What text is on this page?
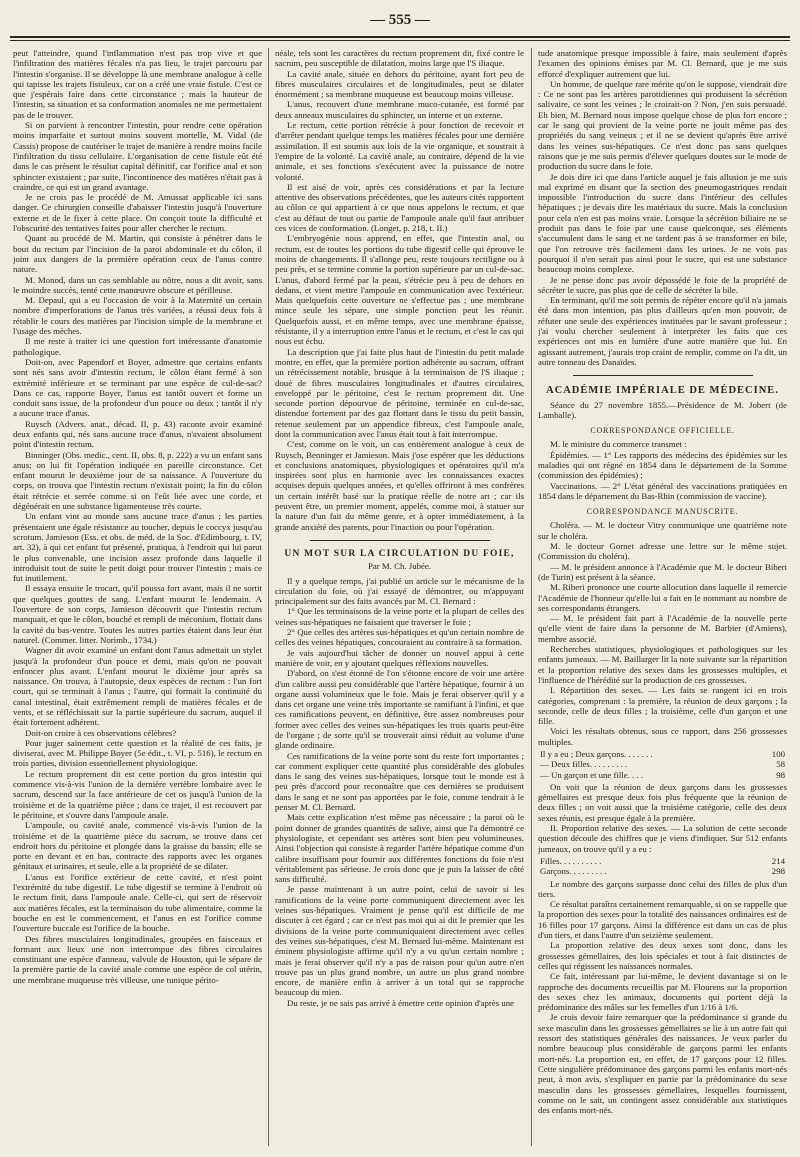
— 555 —

peut l'atteindre, quand l'inflammation n'est pas trop vive et que l'infiltration des matières fécales n'a pas lieu, le trajet parcouru par l'intestin s'organise. Il se développe là une membrane analogue à celle qui tapisse les trajets fistuleux, car on a créé une vraie fistule. C'est ce que j'espérais faire dans cette circonstance ; mais la hauteur de l'intestin, sa situation et sa conformation anomales ne me permettaient pas de le trouver.

Si on parvient à rencontrer l'intestin, pour rendre cette opération moins imparfaite et surtout moins souvent mortelle, M. Vidal (de Cassis) propose de cautériser le trajet de manière à rendre moins facile l'infiltration du tissu cellulaire. L'organisation de cette fistule eût été dans le cas présent le résultat capital définitif, car l'orifice anal et son sphincter existaient ; par suite, l'incontinence des matières n'était pas à craindre, ce qui est un grand avantage.

Je ne crois pas le procédé de M. Amussat applicable ici sans danger. Ce chirurgien conseille d'abaisser l'intestin jusqu'à l'ouverture externe et de le fixer à cette place. On conçoit toute la difficulté et l'obscurité des tentatives faites pour aller chercher le rectum.

Quant au procédé de M. Martin, qui consiste à pénétrer dans le bout du rectum par l'incision de la paroi abdominale et du côlon, il joint aux dangers de la première opération ceux de l'anus contre nature.

M. Monod, dans un cas semblable au nôtre, nous a dit avoir, sans le moindre succès, tenté cette manœuvre obscure et périlleuse.

M. Depaul, qui a eu l'occasion de voir à la Maternité un certain nombre d'imperforations de l'anus très variées, a réussi deux fois à rétablir le cours des matières par l'incision simple de la membrane et l'usage des mèches.

Il me reste à traiter ici une question fort intéressante d'anatomie pathologique.

Doit-on, avec Papendorf et Boyer, admettre que certains enfants sont nés sans avoir d'intestin rectum, le côlon étant fermé à son extrémité inférieure et se terminant par une espèce de cul-de-sac? Dans ce cas, rapporte Boyer, l'anus est tantôt ouvert et forme un conduit sans issue, de la profondeur d'un pouce ou deux ; tantôt il n'y a aucune trace d'anus.

Ruysch (Advers. anat., décad. II, p. 43) raconte avoir examiné deux enfants qui, nés sans aucune trace d'anus, n'avaient absolument point d'intestin rectum.

Binninger (Obs. medic., cent. II, obs. 8, p. 222) a vu un enfant sans anus; on lui fit l'opération indiquée en pareille circonstance. Cet enfant mourut le deuxième jour de sa naissance. A l'ouverture du corps, on trouva que l'intestin rectum n'existait point; la fin du côlon était rétrécie et serrée comme si on l'eût liée avec une corde, et dégénérait en une substance ligamenteuse très courte.

Un enfant vint au monde sans aucune trace d'anus ; les parties présentaient une égale résistance au toucher, depuis le coccyx jusqu'au scrotum. Jamieson (Ess. et obs. de méd. de la Soc. d'Edimbourg, t. IV, art. 32), à qui cet enfant fut présenté, pratiqua, à l'endroit qui lui parut le plus convenable, une incision assez profonde dans laquelle il introduisit tout de suite le petit doigt pour trouver l'intestin ; mais ce fut inutilement.

Il essaya ensuite le trocart, qu'il poussa fort avant, mais il ne sortit que quelques gouttes de sang. L'enfant mourut le lendemain. A l'ouverture de son corps, Jamieson découvrit que l'intestin rectum manquait, et que le côlon, bouché et rempli de méconium, flottait dans la cavité du bas-ventre. Toutes les autres parties étaient dans leur état naturel. (Commer. litter. Norimb., 1734.)

Wagner dit avoir examiné un enfant dont l'anus admettait un stylet jusqu'à la profondeur d'un pouce et demi, mais qu'on ne pouvait enfoncer plus avant. L'enfant mourut le dixième jour après sa naissance. On trouva, à l'autopsie, deux espèces de rectum : l'un fort court, qui se terminait à l'anus ; l'autre, qui formait la continuité du canal intestinal, était extrêmement rempli de matières fécales et de vents, et se réfléchissait sur la partie supérieure du sacrum, auquel il était fortement adhérent.

Doit-on croire à ces observations célèbres?

Pour juger sainement cette question et la réalité de ces faits, je diviserai, avec M. Philippe Boyer (5e édit., t. VI, p. 516), le rectum en trois parties, division essentiellement physiologique.

Le rectum proprement dit est cette portion du gros intestin qui commence vis-à-vis l'union de la dernière vertèbre lombaire avec le sacrum, descend sur la face antérieure de cet os jusqu'à l'union de la troisième et de la quatrième pièce ; dans ce trajet, il est recouvert par le péritoine, et s'ouvre dans l'ampoule anale.

L'ampoule, ou cavité anale, commencé vis-à-vis l'union de la troisième et de la quatrième pièce du sacrum, se trouve dans cet endroit hors du péritoine et plongée dans la graisse du bassin; elle se porte en devant et en bas, contracte des rapports avec les organes génitaux et urinaires, et seule, elle a la propriété de se dilater.

L'anus est l'orifice extérieur de cette cavité, et n'est point l'extrémité du tube digestif. Le tube digestif se termine à l'endroit où le rectum finit, dans l'ampoule anale. Celle-ci, qui sert de réservoir aux matières fécales, est la terminaison du tube alimentaire, comme la bouche en est le commencement, et l'anus en est l'orifice comme l'ouverture buccale est l'orifice de la bouche.

Des fibres musculaires longitudinales, groupées en faisceaux et formant aux lieux une non interrompue des fibres circulaires constituant une espèce d'anneau, valvule de Houston, qui le sépare de la première partie de la cavité anale comme une espèce de col utérin, une membrane muqueuse très villeuse, une tunique périto-

néale, tels sont les caractères du rectum proprement dit, fixé contre le sacrum, peu susceptible de dilatation, moins large que l'S iliaque.

La cavité anale, située en dehors du péritoine, ayant fort peu de fibres musculaires circulaires et de longitudinales, peut se dilater énormément ; sa membrane muqueuse est beaucoup moins villeuse.

L'anus, recouvert d'une membrane muco-cutanée, est formé par deux anneaux musculaires du sphincter, un interne et un externe.

Le rectum, cette portion rétrécie à pour fonction de recevoir et d'arrêter pendant quelque temps les matières fécales pour une dernière assimilation. Il est soumis aux lois de la vie organique, et soustrait à l'empire de la volonté. La cavité anale, au contraire, dépend de la vie animale, et ses fonctions s'exécutent avec la puissance de notre volonté.

Il est aisé de voir, après ces considérations et par la lecture attentive des observations précédentes, que les auteurs cités rapportent au côlon ce qui appartient à ce que nous appelons le rectum, et que c'est au défaut de tout ou partie de l'ampoule anale qu'il faut attribuer ces vices de conformation. (Longet, p. 218, t. II.)

L'embryogénie nous apprend, en effet, que l'intestin anal, ou rectum, est de toutes les portions du tube digestif celle qui éprouve le moins de changements. Il s'allonge peu, reste toujours rectiligne ou à peu près, et se termine comme la portion supérieure par un cul-de-sac. L'anus, d'abord fermé par la peau, s'étrécie peu à peu de dehors en dedans, et vient mettre l'ampoule en communication avec l'extérieur. Mais quelquefois cette ouverture ne s'effectue pas ; une membrane mince seule les sépare, une simple ponction peut les réunir. Quelquefois aussi, et en même temps, avec une membrane épaisse, résistante, il y a interruption entre l'anus et le rectum, et c'est le cas qui nous est échu.

La description que j'ai faite plus haut de l'intestin du petit malade montre, en effet, que la première portion adhérente au sacrum, offrant un rétrécissement notable, brusque à la terminaison de l'S iliaque ; doué de fibres musculaires longitudinales et d'autres circulaires, enveloppé par le péritoine, c'est le rectum proprement dit. Une seconde portion dépourvue de péritoine, terminée en cul-de-sac, distendue fortement par des gaz flottant dans le tissu du petit bassin, retenue seulement par un appendice fibreux, c'est l'ampoule anale, dont la communication avec l'anus était tout à fait interrompue.

C'est, comme on le voit, un cas entièrement analogue à ceux de Ruysch, Benninger et Jamieson. Mais j'ose espérer que les déductions et conclusions anatomiques, physiologiques et opératoires qu'il m'a inspirées sont plus en harmonie avec les connaissances exactes acquises depuis quelques années, et qu'elles offriront à mes confrères un certain intérêt basé sur la pratique réelle de notre art ; car ils peuvent être, un premier moment, appelés, comme moi, à statuer sur la nature d'un fait du même genre, et à opter immédiatement, à la grande anxiété des parents, pour l'inaction ou pour l'opération.

UN MOT SUR LA CIRCULATION DU FOIE,
Par M. Ch. Jubée.

Il y a quelque temps, j'ai publié un article sur le mécanisme de la circulation du foie, où j'ai essayé de démontrer, ou m'appuyant principalement sur des faits avancés par M. Cl. Bernard :

1° Que les terminaisons de la veine porte et la plupart de celles des veines sus-hépatiques ne faisaient que traverser le foie ;

2° Que celles des artères sus-hépatiques et qu'un certain nombre de celles des veines hépatiques, concouraient au contraire à sa formation.

Je vais aujourd'hui tâcher de donner un nouvel appui à cette manière de voir, en y ajoutant quelques réflexions nouvelles.

D'abord, on s'est étonné de l'on s'étonne encore de voir une artère d'un calibre aussi peu considérable que l'artère hépatique, fournir à un organe aussi volumineux que le foie. Mais je ferai observer qu'il y a dans cet organe une veine très importante se ramifiant à l'infini, et que ces ramifications peuvent, en définitive, être assez nombreuses pour former avec celles des veines sus-hépatiques les trois quarts peut-être de l'organe ; de sorte qu'il se trouverait ainsi réduit au volume d'une glande ordinaire.

Ces ramifications de la veine porte sont du reste fort importantes ; car comment expliquer cette quantité plus considérable des globules dans le sang des veines sus-hépatiques, lorsque tout le monde est à peu près d'accord pour reconnaître que ces dernières se produisent dans le sang et ne sont pas apportées par le foie, comme tendrait à le penser M. Cl. Bernard.

Mais cette explication n'est même pas nécessaire ; la paroi où le point donner de grandes quantités de salive, ainsi que l'a démontré ce physiologiste, et cependant ses artères sont bien peu volumineuses. Ainsi l'objection qui consiste à regarder l'artère hépatique comme d'un calibre insuffisant pour fournir aux différentes fonctions du foie n'est véritablement pas sérieuse. Je crois donc que je puis la laisser de côté sans difficulté.

Je passe maintenant à un autre point, celui de savoir si les ramifications de la veine porte communiquent directement avec les veines sus-hépatiques. Vraiment je pense qu'il est difficile de me discuter à cet égard ; car ce n'est pas moi qui ai dit le premier que les divisions de la veine porte communiquaient directement avec celles des veines sus-hépatiques, c'est M. Bernard lui-même. Maintenant est éminent physiologiste affirme qu'il n'y a vu qu'un certain nombre ; mais je ferai observer qu'il n'y a pas de raison pour qu'un autre n'en trouve pas un plus grand nombre, un autre un plus grand nombre encore, de manière enfin à arriver à un total qui se rapproche beaucoup du mien.

Du reste, je ne sais pas arrivé à émettre cette opinion d'après une

tude anatomique presque impossible à faire, mais seulement d'après l'examen des opinions émises par M. Cl. Bernard, que je me suis efforcé d'expliquer autrement que lui.

Un homme, de quelque rare mérite qu'on le suppose, viendrait dire : Ce ne sont pas les artères parotidiennes qui produisent la sécrétion salivaire, ce sont les veines ; le croirait-on ? Non, j'en suis persuadé. Eh bien, M. Bernard nous impose quelque chose de plus fort encore ; car le sang qui provient de la veine porte ne jouit même pas des propriétés du sang veineux ; et il ne se devient qu'après être arrivé dans les veines sus-hépatiques. Ce n'est donc pas sans quelques raisons que je me suis permis d'élever quelques doutes sur le mode de production du sucre dans le foie.

Je dois dire ici que dans l'article auquel je fais allusion je me suis mal exprimé en disant que la section des pneumogastriques rendait impossible l'introduction du sucre dans l'intérieur des cellules hépatiques ; je devais dire les matériaux du sucre. Mais la conclusion pour cela n'en est pas moins vraie. Lorsque la sécrétion biliaire ne se produit pas dans le foie par une cause quelconque, ses éléments s'accumulent dans le sang et ne tardent pas à se transformer en bile, que l'on retrouve très facilement dans les urines. Je ne vois pas pourquoi il n'en serait pas ainsi pour le sucre, qui est une substance beaucoup moins complexe.

Je ne pense donc pas avoir dépossédé le foie de la propriété de sécréter le sucre, pas plus que de celle de sécréter la bile.

En terminant, qu'il me soit permis de répéter encore qu'il n'a jamais été dans mon intention, pas plus d'ailleurs qu'en mon pouvoir, de réfuter une seule des expériences instituées par le savant professeur ; j'ai voulu chercher seulement à interpréter les faits que ces expériences ont mis en lumière d'une autre manière que lui. En agissant autrement, j'aurais trop craint de remplir, comme on l'a dit, un autre tonneau des Danaïdes.

ACADÉMIE IMPÉRIALE DE MÉDECINE.

Séance du 27 novembre 1855.—Présidence de M. Jobert (de Lamballe).

CORRESPONDANCE OFFICIELLE.

M. le ministre du commerce transmet :

Épidémies. — 1° Les rapports des médecins des épidémies sur les maladies qui ont régné en 1854 dans le département de la Somme (commission des épidémies) ;

Vaccinations. — 2° L'état général des vaccinations pratiquées en 1854 dans le département du Bas-Rhin (commission de vaccine).

CORRESPONDANCE MANUSCRITE.

Choléra. — M. le docteur Vitry communique une quatrième note sur le choléra.

M. le docteur Gornet adresse une lettre sur le même sujet. (Commission du choléra).

— M. le président annonce à l'Académie que M. le docteur Biberi (de Turin) est présent à la séance.

M. Riberi prononce une courte allocution dans laquelle il remercie l'Académie de l'honneur qu'elle lui a fait en le nommant au nombre de ses correspondants étrangers.

— M. le président fait part à l'Académie de la nouvelle perte qu'elle vient de faire dans la personne de M. Barbier (d'Amiens), membre associé.

Recherches statistiques, physiologiques et pathologiques sur les enfants jumeaux. — M. Baillarger lit la note suivante sur la répartition et la proportion relative des sexes dans les grossesses multiples, et l'influence de l'hérédité sur la production de ces grossesses.

I. Répartition des sexes. — Les faits se rangent ici en trois catégories, comprenant : la première, la réunion de deux garçons ; la seconde, celle de deux filles ; la troisième, celle d'un garçon et une fille.

Voici les résultats obtenus, sous ce rapport, dans 256 grossesses multiples.

Il y a eu ; Deux garçons. . . . . . .	100
— Deux filles. . . . . . . . .	58
— Un garçon et une fille. . . .	98

On voit que la réunion de deux garçons dans les grossesses gémellaires est presque deux fois plus fréquente que la réunion de deux filles ; on voit aussi que la troisième catégorie, celle des deux sexes réunis, est presque égale à la première.

II. Proportion relative des sexes. — La solution de cette seconde question découle des chiffres que je viens d'indiquer. Sur 512 enfants jumeaux, on trouve qu'il y a eu :

Filles. . . . . . . . . .	214
Garçons. . . . . . . . .	298

Le nombre des garçons surpasse donc celui des filles de plus d'un tiers.

Ce résultat paraîtra certainement remarquable, si on se rappelle que la proportion des sexes pour la totalité des naissances ordinaires est de 16 filles pour 17 garçons. Ainsi la différence est dans un cas de plus d'un tiers, et dans l'autre d'un seizième seulement.

La proportion relative des deux sexes sont donc, dans les grossesses gémellaires, des lois spéciales et tout à fait distinctes de celles qui régissent les naissances normales.

Ce fait, intéressant par lui-même, le devient davantage si on le rapproche des documents recueillis par M. Flourens sur la proportion des sexes chez les animaux, documents qui portent déjà la prédominance des mâles sur les femelles d'un 1/16 à 1/6.

Je crois devoir faire remarquer que la prédominance si grande du sexe masculin dans les grossesses gémellaires se lie à un autre fait qui ressort des statistiques générales des naissances. Je veux parler du nombre beaucoup plus considérable de garçons parmi les enfants mort-nés. La proportion est, en effet, de 17 garçons pour 12 filles. Cette singulière prédominance des garçons parmi les enfants mort-nés peut, à mon avis, s'expliquer en partie par la prédominance du sexe masculin dans les grossesses gémellaires, lesquelles fournissent, comme on le sait, un contingent assez considérable aux statistiques des enfants mort-nés.
